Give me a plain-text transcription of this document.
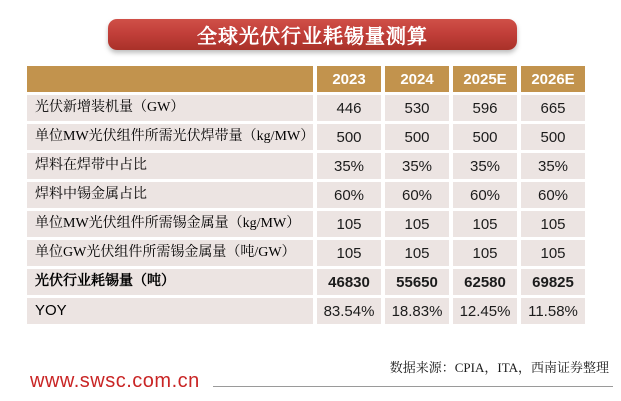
全球光伏行业耗锡量测算
	2023	2024	2025E	2026E
光伏新增装机量（GW）	446	530	596	665
单位MW光伏组件所需光伏焊带量（kg/MW）	500	500	500	500
焊料在焊带中占比	35%	35%	35%	35%
焊料中锡金属占比	60%	60%	60%	60%
单位MW光伏组件所需锡金属量（kg/MW）	105	105	105	105
单位GW光伏组件所需锡金属量（吨/GW）	105	105	105	105
光伏行业耗锡量（吨）	46830	55650	62580	69825
YOY	83.54%	18.83%	12.45%	11.58%
www.swsc.com.cn
数据来源：CPIA，ITA，西南证券整理
